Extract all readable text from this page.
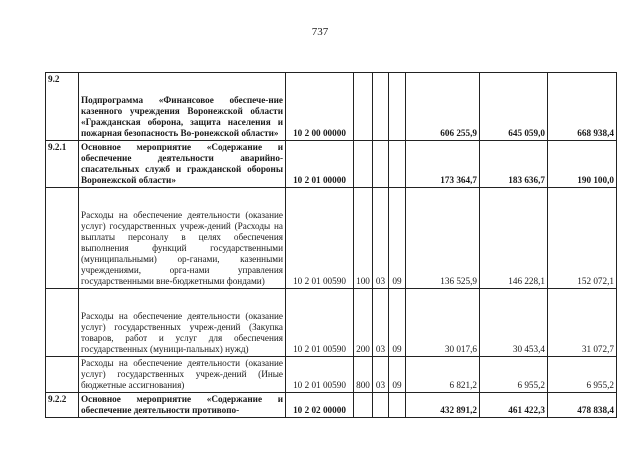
737
9.2	Подпрограмма «Финансовое обеспече-ние казенного учреждения Воронежской области «Гражданская оборона, защита населения и пожарная безопасность Во-ронежской области»	10 2 00 00000				606 255,9	645 059,0	668 938,4
9.2.1	Основное мероприятие «Содержание и обеспечение деятельности аварийно-спасательных служб и гражданской обороны Воронежской области»	10 2 01 00000				173 364,7	183 636,7	190 100,0
	Расходы на обеспечение деятельности (оказание услуг) государственных учреж-дений (Расходы на выплаты персоналу в целях обеспечения выполнения функций государственными (муниципальными) ор-ганами, казенными учреждениями, орга-нами управления государственными вне-бюджетными фондами)	10 2 01 00590	100	03	09	136 525,9	146 228,1	152 072,1
	Расходы на обеспечение деятельности (оказание услуг) государственных учреж-дений (Закупка товаров, работ и услуг для обеспечения государственных (муници-пальных) нужд)	10 2 01 00590	200	03	09	30 017,6	30 453,4	31 072,7
	Расходы на обеспечение деятельности (оказание услуг) государственных учреж-дений (Иные бюджетные ассигнования)	10 2 01 00590	800	03	09	6 821,2	6 955,2	6 955,2
9.2.2	Основное мероприятие «Содержание и обеспечение деятельности противопо-	10 2 02 00000				432 891,2	461 422,3	478 838,4
